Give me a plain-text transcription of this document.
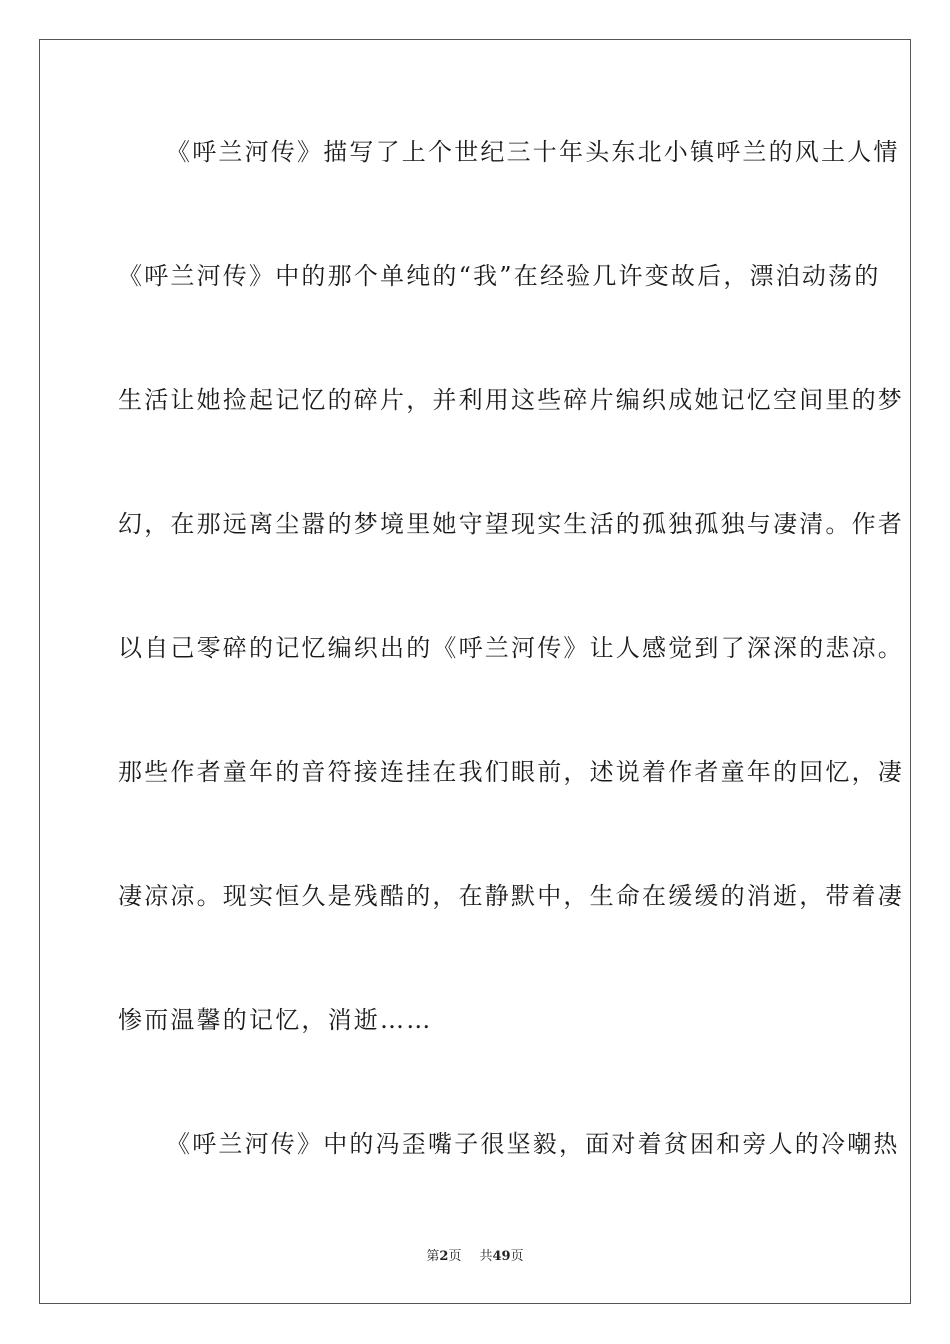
《呼兰河传》描写了上个世纪三十年头东北小镇呼兰的风土人情
《呼兰河传》中的那个单纯的“我”在经验几许变故后，漂泊动荡的
生活让她捡起记忆的碎片，并利用这些碎片编织成她记忆空间里的梦
幻，在那远离尘嚣的梦境里她守望现实生活的孤独孤独与凄清。作者
以自己零碎的记忆编织出的《呼兰河传》让人感觉到了深深的悲凉。
那些作者童年的音符接连挂在我们眼前，述说着作者童年的回忆，凄
凄凉凉。现实恒久是残酷的，在静默中，生命在缓缓的消逝，带着凄
惨而温馨的记忆，消逝……
《呼兰河传》中的冯歪嘴子很坚毅，面对着贫困和旁人的冷嘲热
第2页 共49页
